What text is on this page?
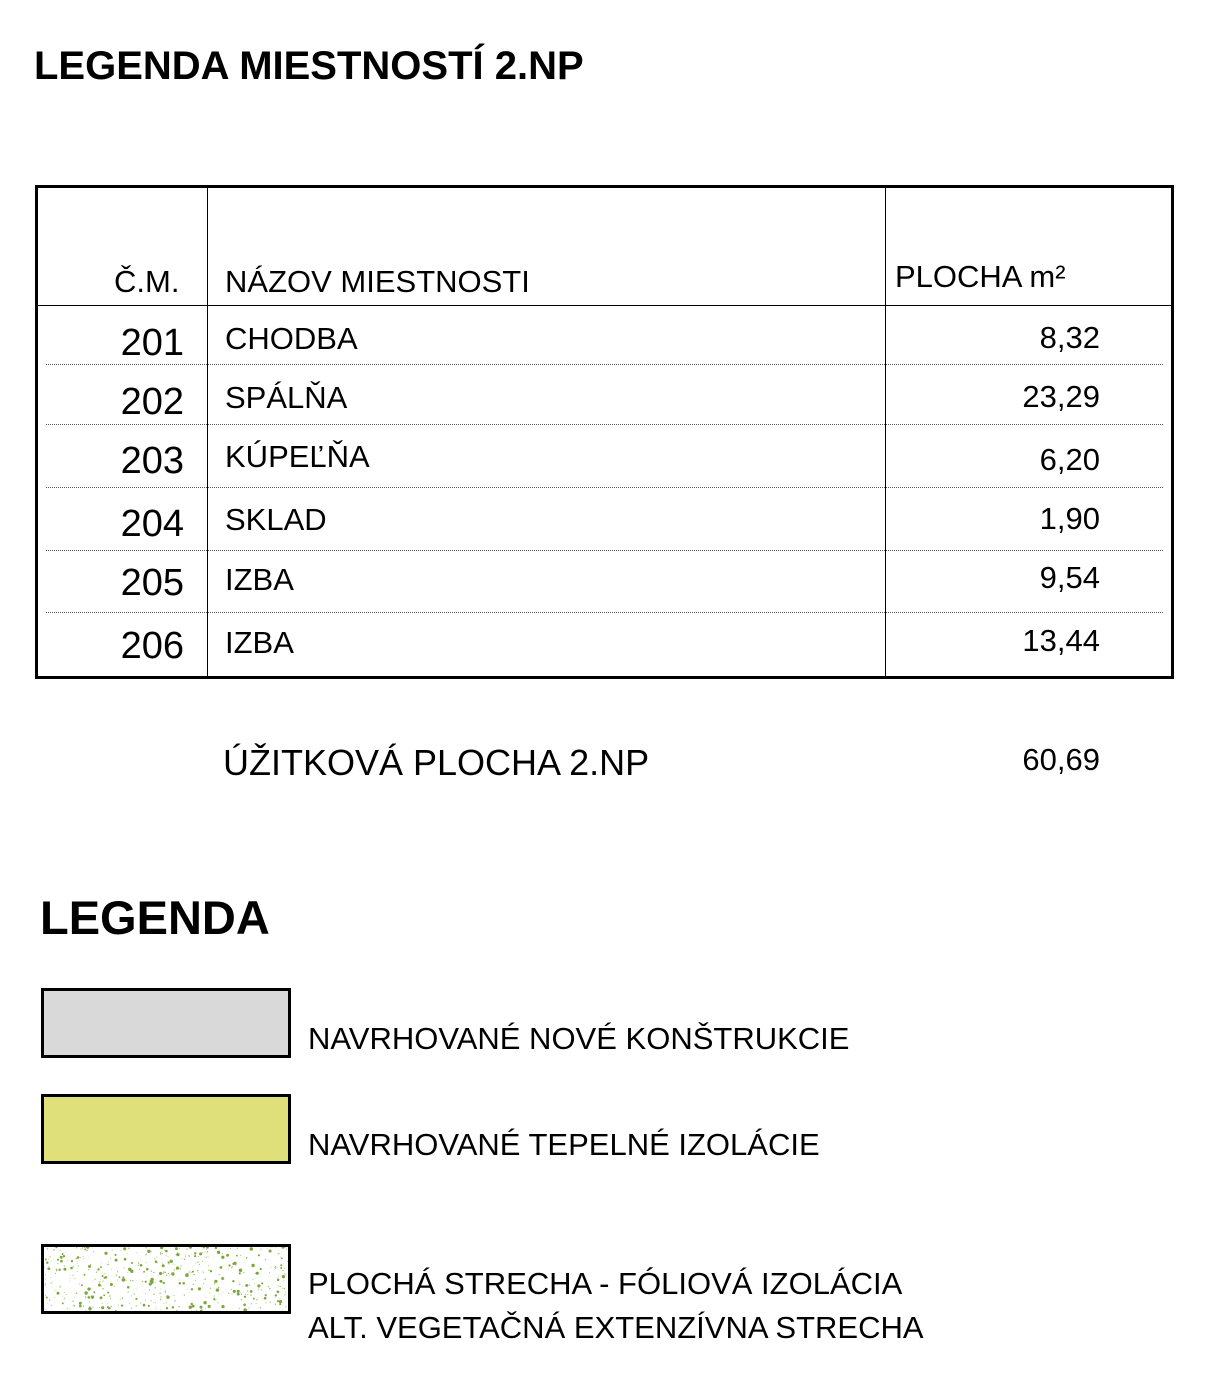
LEGENDA MIESTNOSTÍ 2.NP
Č.M. NÁZOV MIESTNOSTI	PLOCHA m²
201 CHODBA	8,32
202 SPÁLŇA	23,29
203 KÚPEĽŇA	6,20
204 SKLAD	1,90
205 IZBA	9,54
206 IZBA	13,44
ÚŽITKOVÁ PLOCHA 2.NP	60,69
LEGENDA
NAVRHOVANÉ NOVÉ KONŠTRUKCIE
NAVRHOVANÉ TEPELNÉ IZOLÁCIE
PLOCHÁ STRECHA - FÓLIOVÁ IZOLÁCIA
ALT. VEGETAČNÁ EXTENZÍVNA STRECHA
